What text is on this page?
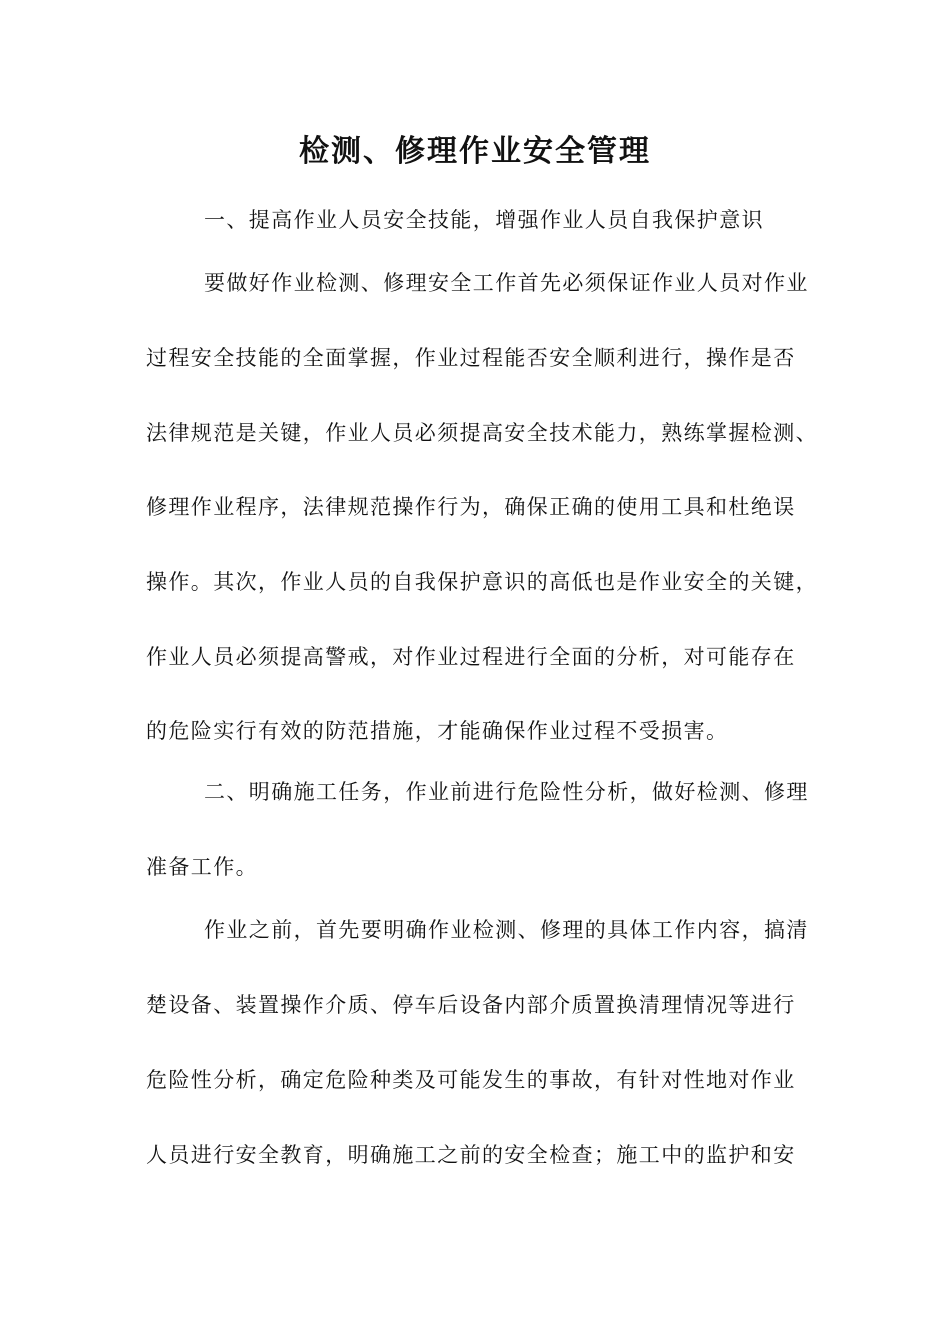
检测、修理作业安全管理
一、提高作业人员安全技能，增强作业人员自我保护意识
要做好作业检测、修理安全工作首先必须保证作业人员对作业
过程安全技能的全面掌握，作业过程能否安全顺利进行，操作是否
法律规范是关键，作业人员必须提高安全技术能力，熟练掌握检测、
修理作业程序，法律规范操作行为，确保正确的使用工具和杜绝误
操作。其次，作业人员的自我保护意识的高低也是作业安全的关键，
作业人员必须提高警戒，对作业过程进行全面的分析，对可能存在
的危险实行有效的防范措施，才能确保作业过程不受损害。
二、明确施工任务，作业前进行危险性分析，做好检测、修理
准备工作。
作业之前，首先要明确作业检测、修理的具体工作内容，搞清
楚设备、装置操作介质、停车后设备内部介质置换清理情况等进行
危险性分析，确定危险种类及可能发生的事故，有针对性地对作业
人员进行安全教育，明确施工之前的安全检查；施工中的监护和安
